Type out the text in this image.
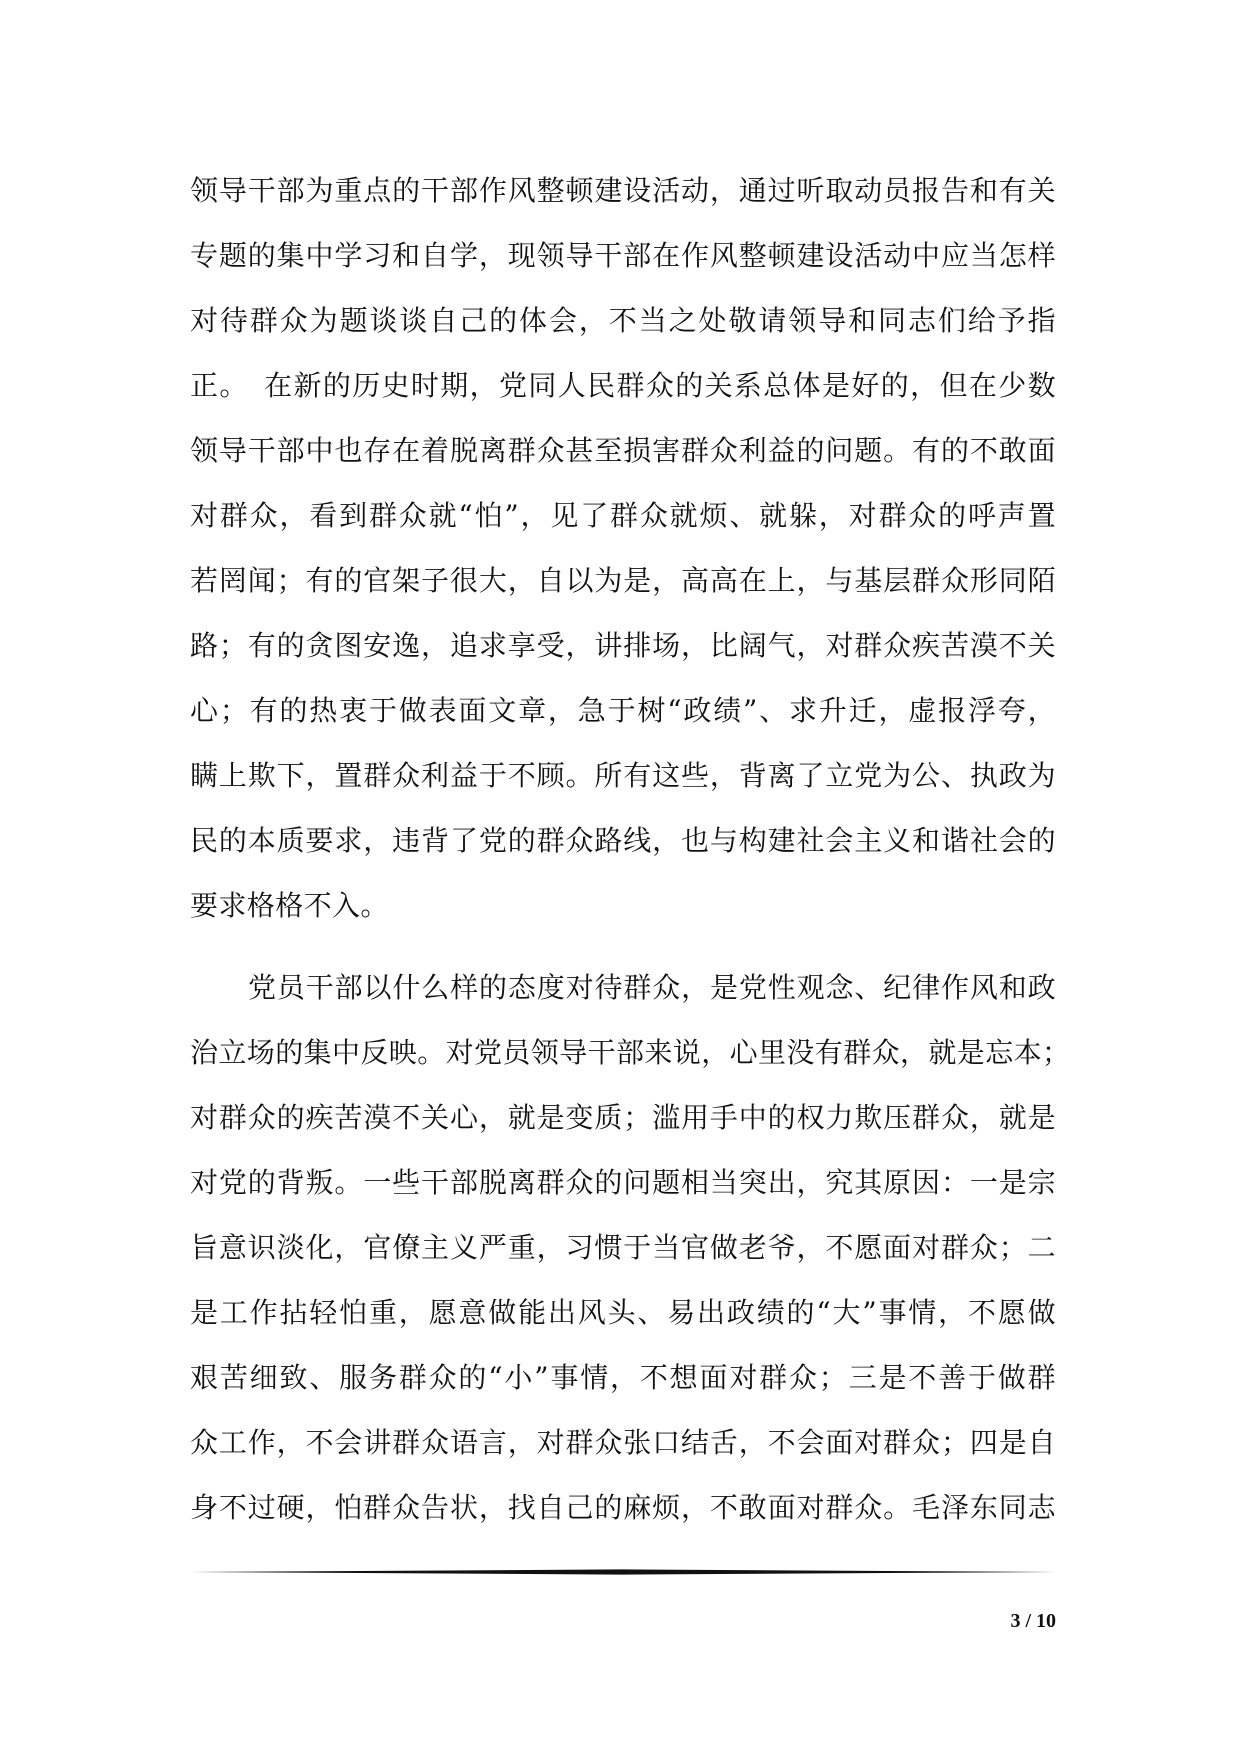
领导干部为重点的干部作风整顿建设活动，通过听取动员报告和有关
专题的集中学习和自学，现领导干部在作风整顿建设活动中应当怎样
对待群众为题谈谈自己的体会，不当之处敬请领导和同志们给予指
正。　在新的历史时期，党同人民群众的关系总体是好的，但在少数
领导干部中也存在着脱离群众甚至损害群众利益的问题。有的不敢面
对群众，看到群众就“怕”，见了群众就烦、就躲，对群众的呼声置
若罔闻；有的官架子很大，自以为是，高高在上，与基层群众形同陌
路；有的贪图安逸，追求享受，讲排场，比阔气，对群众疾苦漠不关
心；有的热衷于做表面文章，急于树“政绩”、求升迁，虚报浮夸，
瞒上欺下，置群众利益于不顾。所有这些，背离了立党为公、执政为
民的本质要求，违背了党的群众路线，也与构建社会主义和谐社会的
要求格格不入。
党员干部以什么样的态度对待群众，是党性观念、纪律作风和政
治立场的集中反映。对党员领导干部来说，心里没有群众，就是忘本；
对群众的疾苦漠不关心，就是变质；滥用手中的权力欺压群众，就是
对党的背叛。一些干部脱离群众的问题相当突出，究其原因：一是宗
旨意识淡化，官僚主义严重，习惯于当官做老爷，不愿面对群众；二
是工作拈轻怕重，愿意做能出风头、易出政绩的“大”事情，不愿做
艰苦细致、服务群众的“小”事情，不想面对群众；三是不善于做群
众工作，不会讲群众语言，对群众张口结舌，不会面对群众；四是自
身不过硬，怕群众告状，找自己的麻烦，不敢面对群众。毛泽东同志
3 / 10
